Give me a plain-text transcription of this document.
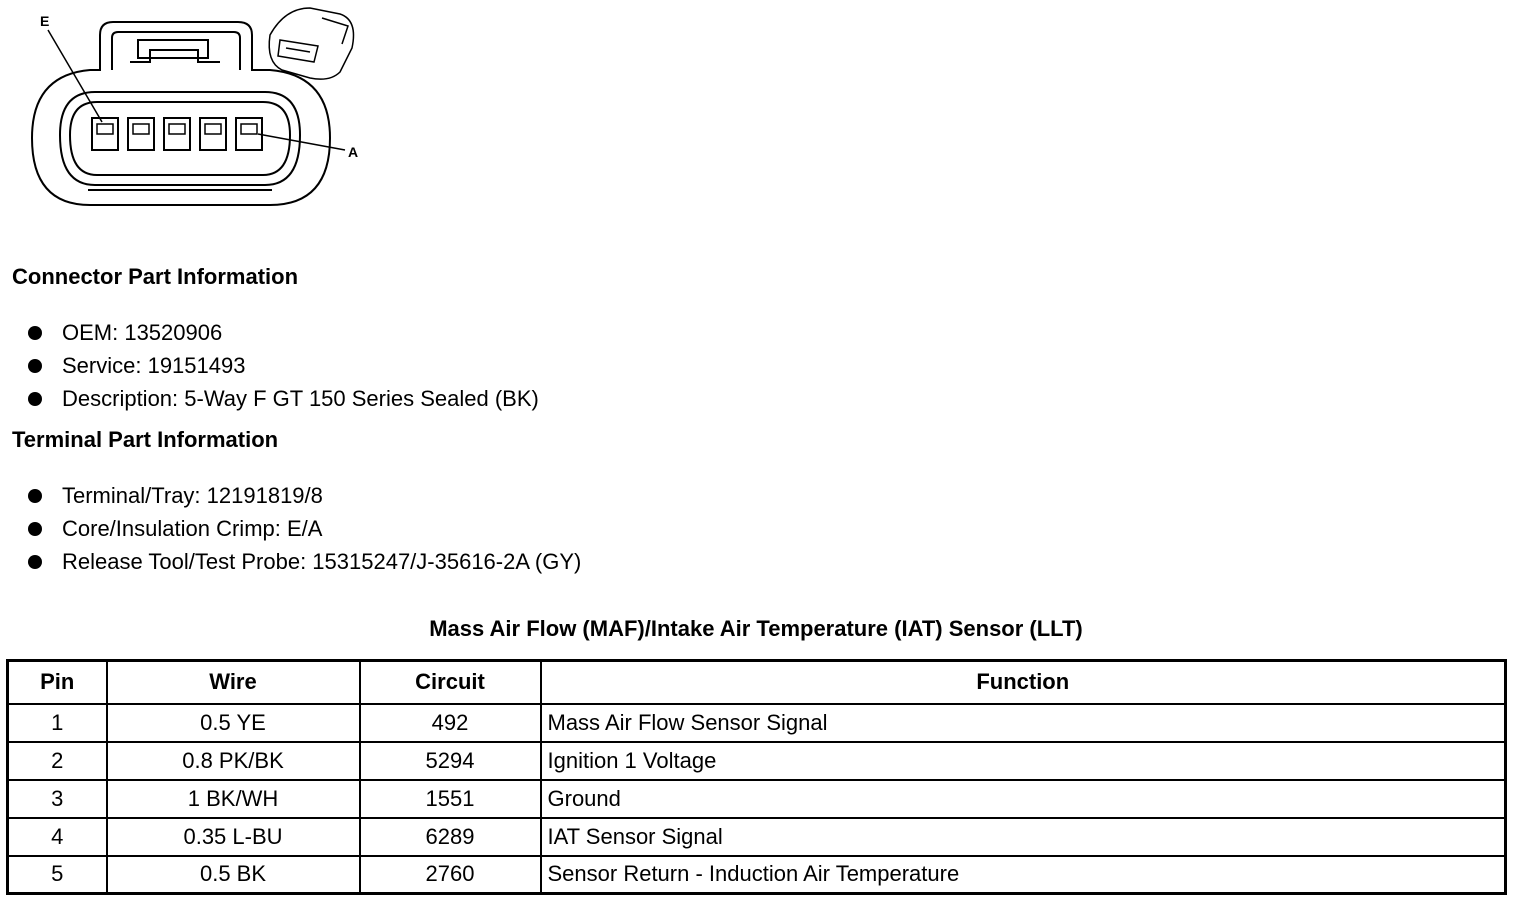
E
A
Connector Part Information
OEM: 13520906
Service: 19151493
Description: 5-Way F GT 150 Series Sealed (BK)
Terminal Part Information
Terminal/Tray: 12191819/8
Core/Insulation Crimp: E/A
Release Tool/Test Probe: 15315247/J-35616-2A (GY)
Mass Air Flow (MAF)/Intake Air Temperature (IAT) Sensor (LLT)
Pin	Wire	Circuit	Function
1	0.5 YE	492	Mass Air Flow Sensor Signal
2	0.8 PK/BK	5294	Ignition 1 Voltage
3	1 BK/WH	1551	Ground
4	0.35 L-BU	6289	IAT Sensor Signal
5	0.5 BK	2760	Sensor Return - Induction Air Temperature
